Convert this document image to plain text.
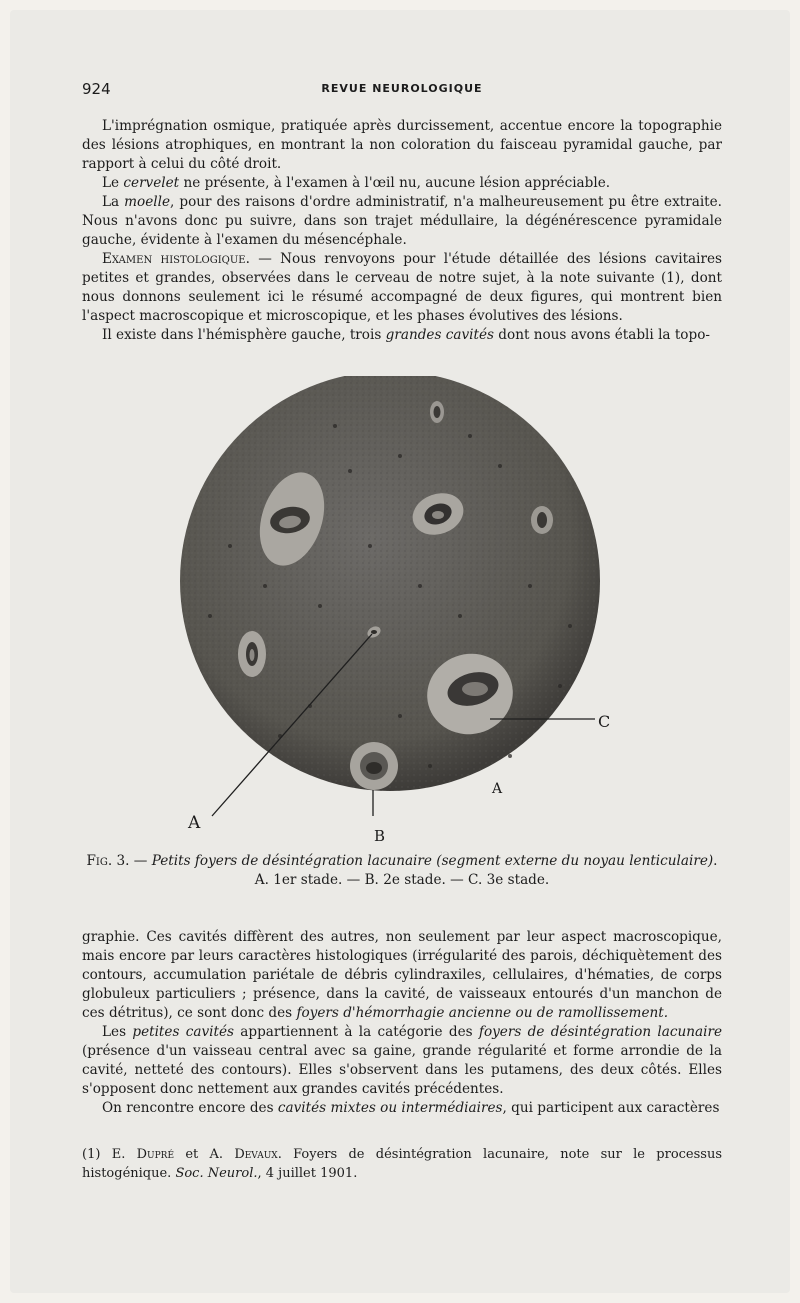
924	REVUE NEUROLOGIQUE

L'imprégnation osmique, pratiquée après durcissement, accentue encore la topographie des lésions atrophiques, en montrant la non coloration du faisceau pyramidal gauche, par rapport à celui du côté droit.

Le cervelet ne présente, à l'examen à l'œil nu, aucune lésion appréciable.

La moelle, pour des raisons d'ordre administratif, n'a malheureusement pu être extraite. Nous n'avons donc pu suivre, dans son trajet médullaire, la dégénérescence pyramidale gauche, évidente à l'examen du mésencéphale.

Examen histologique. — Nous renvoyons pour l'étude détaillée des lésions cavitaires petites et grandes, observées dans le cerveau de notre sujet, à la note suivante (1), dont nous donnons seulement ici le résumé accompagné de deux figures, qui montrent bien l'aspect macroscopique et microscopique, et les phases évolutives des lésions.

Il existe dans l'hémisphère gauche, trois grandes cavités dont nous avons établi la topo-

A
B
C
A
Fig. 3. — Petits foyers de désintégration lacunaire (segment externe du noyau lenticulaire).
A. 1er stade. — B. 2e stade. — C. 3e stade.

graphie. Ces cavités diffèrent des autres, non seulement par leur aspect macroscopique, mais encore par leurs caractères histologiques (irrégularité des parois, déchiquètement des contours, accumulation pariétale de débris cylindraxiles, cellulaires, d'hématies, de corps globuleux particuliers ; présence, dans la cavité, de vaisseaux entourés d'un manchon de ces détritus), ce sont donc des foyers d'hémorrhagie ancienne ou de ramollissement.

Les petites cavités appartiennent à la catégorie des foyers de désintégration lacunaire (présence d'un vaisseau central avec sa gaine, grande régularité et forme arrondie de la cavité, netteté des contours). Elles s'observent dans les putamens, des deux côtés. Elles s'opposent donc nettement aux grandes cavités précédentes.

On rencontre encore des cavités mixtes ou intermédiaires, qui participent aux caractères

(1) E. Dupré et A. Devaux. Foyers de désintégration lacunaire, note sur le processus histogénique. Soc. Neurol., 4 juillet 1901.
